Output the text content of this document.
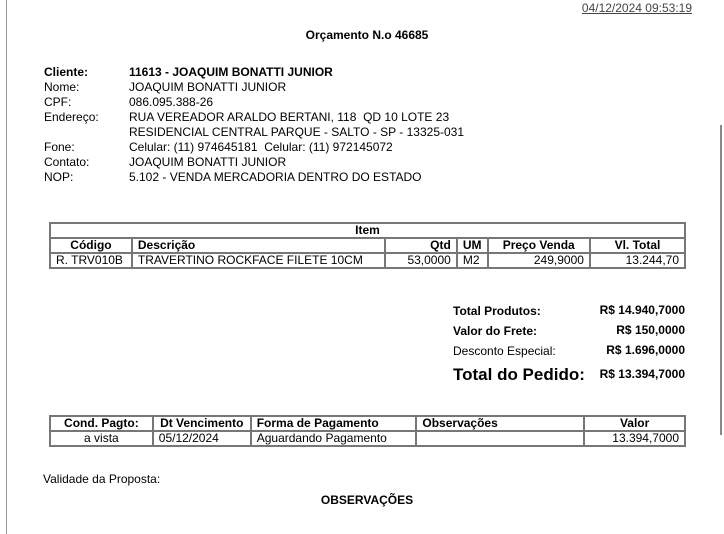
04/12/2024 09:53:19
Orçamento N.o 46685
Cliente:	11613 - JOAQUIM BONATTI JUNIOR
Nome:	JOAQUIM BONATTI JUNIOR
CPF:	086.095.388-26
Endereço:	RUA VEREADOR ARALDO BERTANI, 118  QD 10 LOTE 23
RESIDENCIAL CENTRAL PARQUE - SALTO - SP - 13325-031
Fone:	Celular: (11) 974645181  Celular: (11) 972145072
Contato:	JOAQUIM BONATTI JUNIOR
NOP:	5.102 - VENDA MERCADORIA DENTRO DO ESTADO
Item					
Código	Descrição	Qtd	UM	Preço Venda	Vl. Total
R. TRV010B	TRAVERTINO ROCKFACE FILETE 10CM	53,0000	M2	249,9000	13.244,70
Total Produtos:	R$ 14.940,7000
Valor do Frete:	R$ 150,0000
Desconto Especial:	R$ 1.696,0000
Total do Pedido: R$ 13.394,7000
Cond. Pagto:	Dt Vencimento	Forma de Pagamento	Observações	Valor
a vista	05/12/2024	Aguardando Pagamento		13.394,7000
Validade da Proposta:
OBSERVAÇÕES
